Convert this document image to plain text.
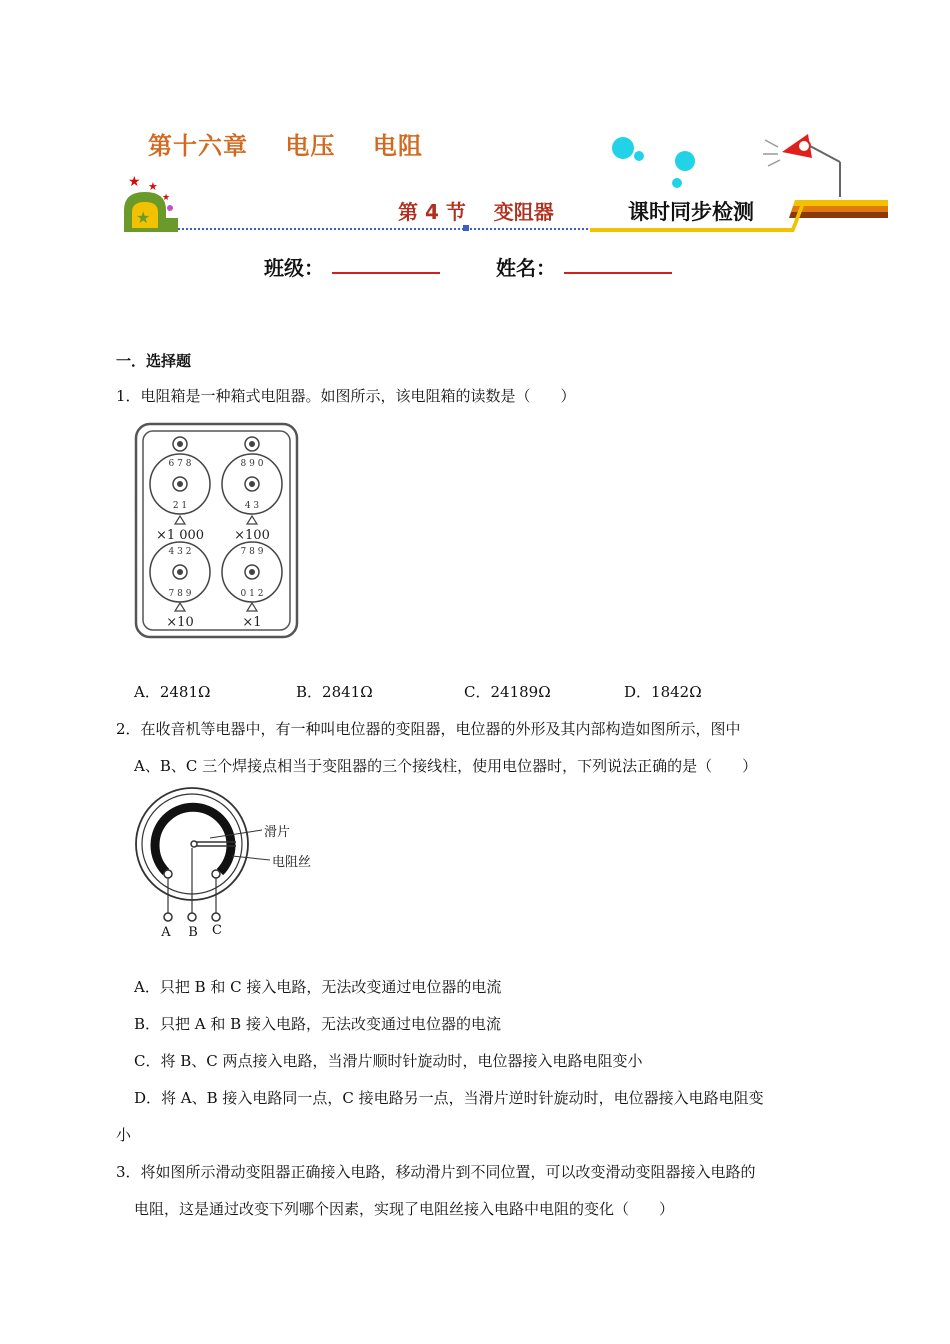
第十六章    电压    电阻
★ ★
★
★	第 4 节    变阻器	课时同步检测
班级：	姓名：
一．选择题
1．电阻箱是一种箱式电阻器。如图所示，该电阻箱的读数是（　　）
6 7 8
2 1
8 9 0
4 3
4 3 2
7 8 9
7 8 9
0 1 2
×1 000 ×100
×10	×1
A．2481Ω	B．2841Ω	C．24189Ω	D．1842Ω
2．在收音机等电器中，有一种叫电位器的变阻器，电位器的外形及其内部构造如图所示，图中
A、B、C 三个焊接点相当于变阻器的三个接线柱，使用电位器时，下列说法正确的是（　　）
滑片
电阻丝
A B C
A．只把 B 和 C 接入电路，无法改变通过电位器的电流
B．只把 A 和 B 接入电路，无法改变通过电位器的电流
C．将 B、C 两点接入电路，当滑片顺时针旋动时，电位器接入电路电阻变小
D．将 A、B 接入电路同一点，C 接电路另一点，当滑片逆时针旋动时，电位器接入电路电阻变
小
3．将如图所示滑动变阻器正确接入电路，移动滑片到不同位置，可以改变滑动变阻器接入电路的
电阻，这是通过改变下列哪个因素，实现了电阻丝接入电路中电阻的变化（　　）
